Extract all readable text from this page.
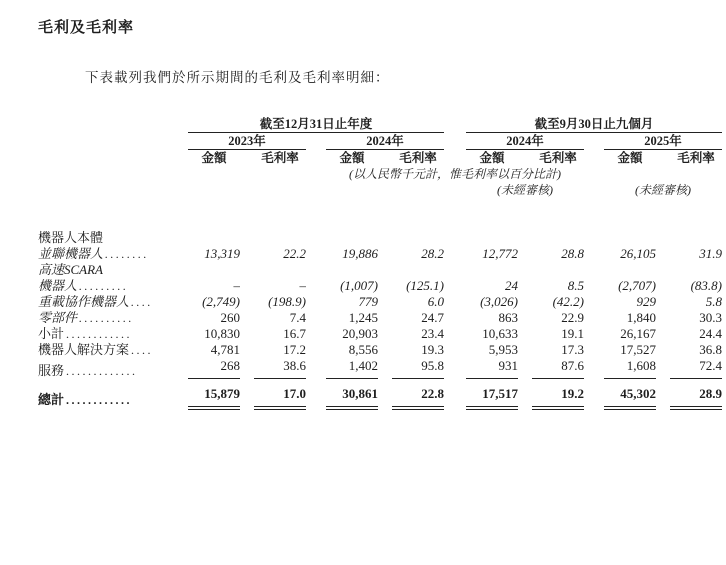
毛利及毛利率
下表載列我們於所示期間的毛利及毛利率明細：
	截至12月31日止年度								截至9月30日止九個月						
	2023年				2024年				2024年				2025年		
	金額		毛利率		金額		毛利率		金額		毛利率		金額		毛利率
	(以人民幣千元計，惟毛利率以百分比計)														
									(未經審核)				(未經審核)		

機器人本體															
並聯機器人 ........	13,319		22.2		19,886		28.2		12,772		28.8		26,105		31.9
高速SCARA															
機器人 .........	–		–		(1,007)		(125.1)		24		8.5		(2,707)		(83.8)
重載協作機器人 ....	(2,749)		(198.9)		779		6.0		(3,026)		(42.2)		929		5.8
零部件 ..........	260		7.4		1,245		24.7		863		22.9		1,840		30.3
小計 ............	10,830		16.7		20,903		23.4		10,633		19.1		26,167		24.4
機器人解決方案 ....	4,781		17.2		8,556		19.3		5,953		17.3		17,527		36.8
服務 .............	268		38.6		1,402		95.8		931		87.6		1,608		72.4
總計 ............	15,879		17.0		30,861		22.8		17,517		19.2		45,302		28.9
